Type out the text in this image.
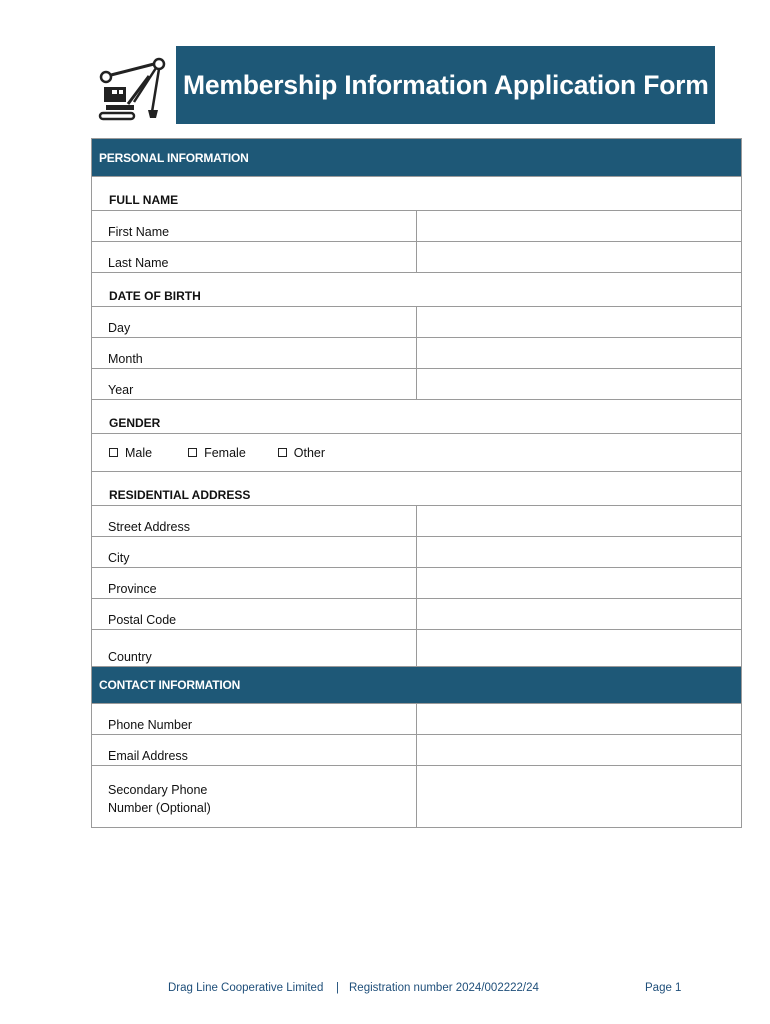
Membership Information Application Form
PERSONAL INFORMATION	
FULL NAME	
First Name	
Last Name	
DATE OF BIRTH	
Day	
Month	
Year	
GENDER	

Male Female Other	

RESIDENTIAL ADDRESS	
Street Address	
City	
Province	
Postal Code	
Country	
CONTACT INFORMATION	
Phone Number	
Email Address	
Secondary Phone
Number (Optional)	
Drag Line Cooperative Limited | Registration number 2024/002222/24	Page 1
